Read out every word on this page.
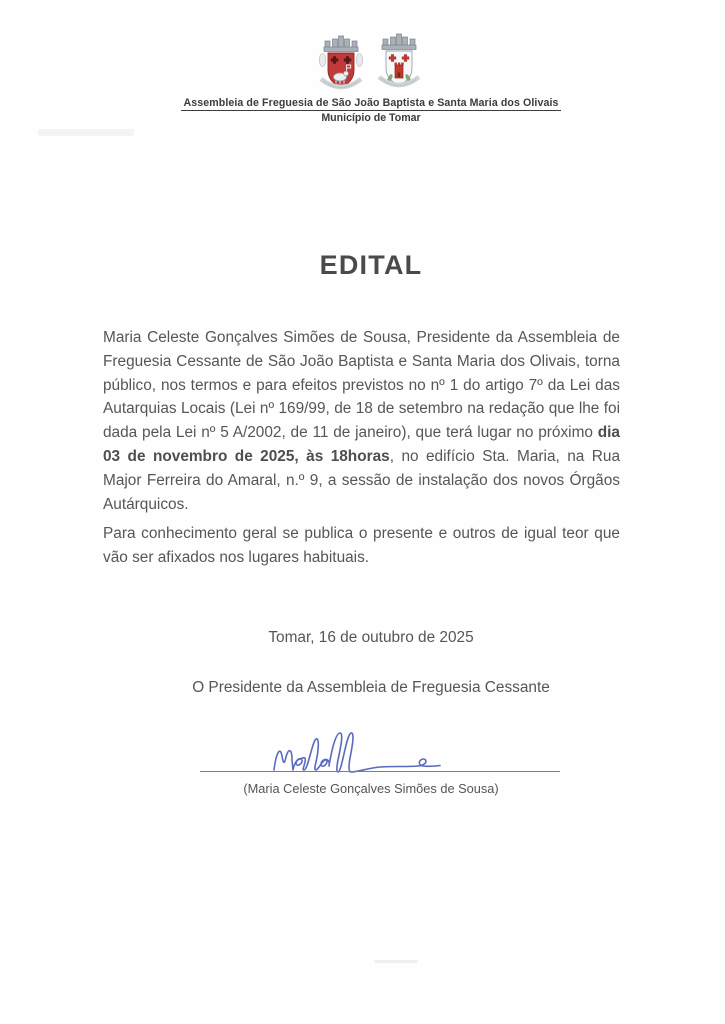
Assembleia de Freguesia de São João Baptista e Santa Maria dos Olivais
Município de Tomar
EDITAL

Maria Celeste Gonçalves Simões de Sousa, Presidente da Assembleia de Freguesia Cessante de São João Baptista e Santa Maria dos Olivais, torna público, nos termos e para efeitos previstos no nº 1 do artigo 7º da Lei das Autarquias Locais (Lei nº 169/99, de 18 de setembro na redação que lhe foi dada pela Lei nº 5 A/2002, de 11 de janeiro), que terá lugar no próximo dia 03 de novembro de 2025, às 18horas, no edifício Sta. Maria, na Rua Major Ferreira do Amaral, n.º 9, a sessão de instalação dos novos Órgãos Autárquicos.

Para conhecimento geral se publica o presente e outros de igual teor que vão ser afixados nos lugares habituais.

Tomar, 16 de outubro de 2025
O Presidente da Assembleia de Freguesia Cessante
(Maria Celeste Gonçalves Simões de Sousa)
